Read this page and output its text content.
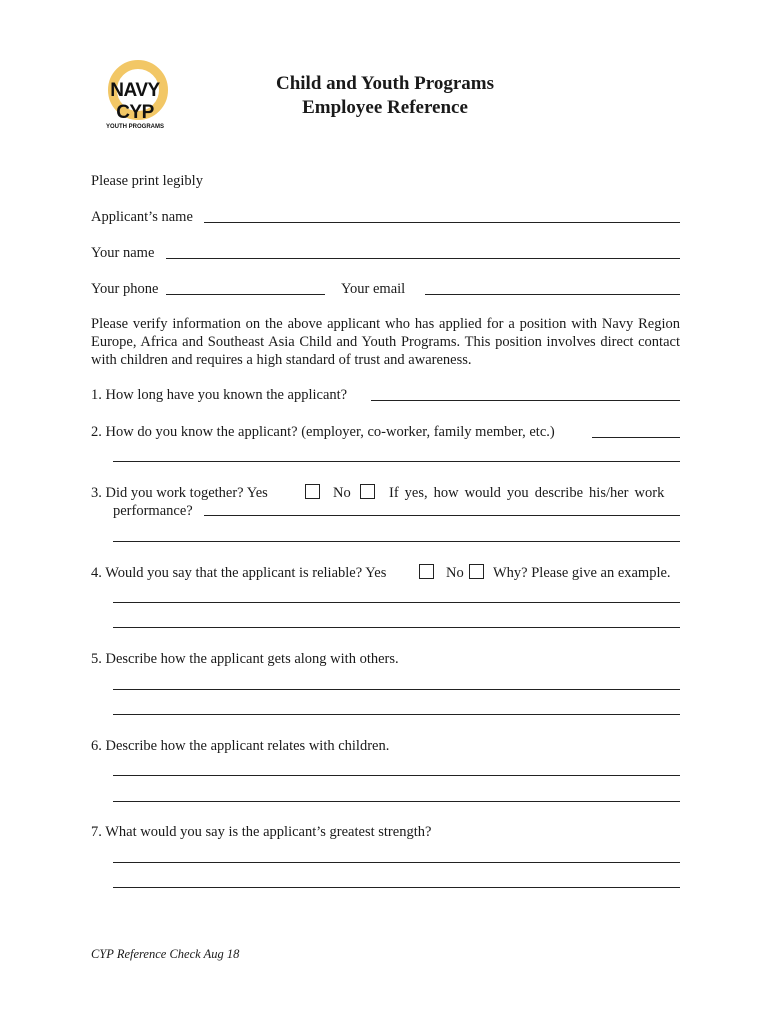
NAVY CYP
YOUTH PROGRAMS
Child and Youth Programs
Employee Reference
Please print legibly
Applicant’s name
Your name
Your phone	Your email
Please verify information on the above applicant who has applied for a position with Navy Region Europe, Africa and Southeast Asia Child and Youth Programs. This position involves direct contact with children and requires a high standard of trust and awareness.
1. How long have you known the applicant?
2. How do you know the applicant? (employer, co-worker, family member, etc.)
3. Did you work together? Yes	No	If yes, how would you describe his/her work
performance?
4. Would you say that the applicant is reliable? Yes	No Why? Please give an example.
5. Describe how the applicant gets along with others.
6. Describe how the applicant relates with children.
7. What would you say is the applicant’s greatest strength?
CYP Reference Check Aug 18
